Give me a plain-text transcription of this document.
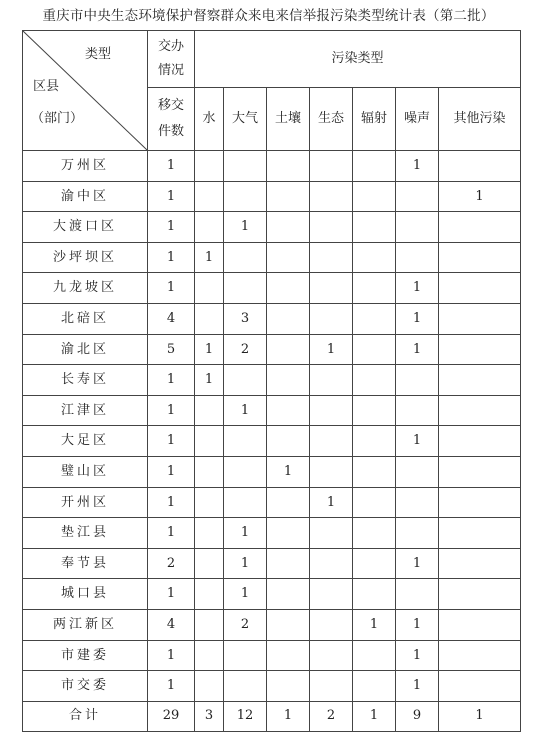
重庆市中央生态环境保护督察群众来电来信举报污染类型统计表（第二批）
类型
区县
（部门）	交办
情况	污染类型						

	移交
件数	水	大气	土壤	生态	辐射	噪声	其他污染
万州区	1						1	
渝中区	1							1
大渡口区	1		1					
沙坪坝区	1	1						
九龙坡区	1						1	
北碚区	4		3				1	
渝北区	5	1	2		1		1	
长寿区	1	1						
江津区	1		1					
大足区	1						1	
璧山区	1			1				
开州区	1				1			
垫江县	1		1					
奉节县	2		1				1	
城口县	1		1					
两江新区	4		2			1	1	
市建委	1						1	
市交委	1						1	
合计	29	3	12	1	2	1	9	1
